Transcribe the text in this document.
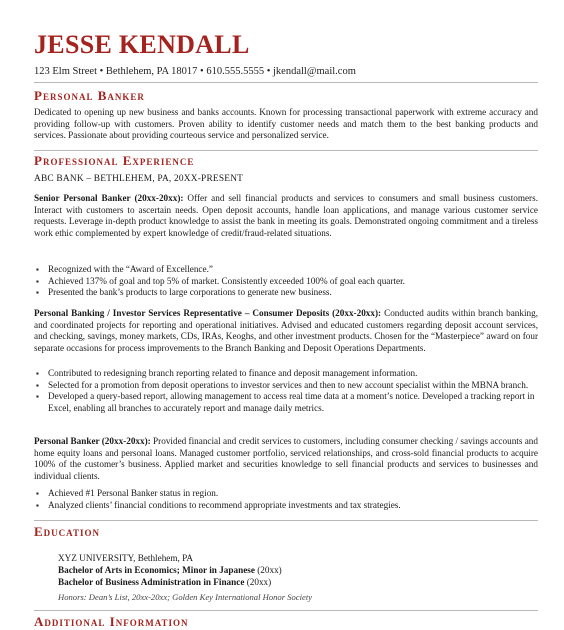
JESSE KENDALL
123 Elm Street • Bethlehem, PA 18017 • 610.555.5555 • jkendall@mail.com
Personal Banker
Dedicated to opening up new business and banks accounts. Known for processing transactional paperwork with extreme accuracy and providing follow-up with customers. Proven ability to identify customer needs and match them to the best banking products and services. Passionate about providing courteous service and personalized service.
Professional Experience
ABC BANK – BETHLEHEM, PA, 20XX-PRESENT
Senior Personal Banker (20xx-20xx): Offer and sell financial products and services to consumers and small business customers. Interact with customers to ascertain needs. Open deposit accounts, handle loan applications, and manage various customer service requests. Leverage in-depth product knowledge to assist the bank in meeting its goals. Demonstrated ongoing commitment and a tireless work ethic complemented by expert knowledge of credit/fraud-related situations.
▪ Recognized with the “Award of Excellence.”
▪ Achieved 137% of goal and top 5% of market. Consistently exceeded 100% of goal each quarter.
▪ Presented the bank’s products to large corporations to generate new business.
Personal Banking / Investor Services Representative – Consumer Deposits (20xx-20xx): Conducted audits within branch banking, and coordinated projects for reporting and operational initiatives. Advised and educated customers regarding deposit account services, and checking, savings, money markets, CDs, IRAs, Keoghs, and other investment products. Chosen for the “Masterpiece” award on four separate occasions for process improvements to the Branch Banking and Deposit Operations Departments.
▪ Contributed to redesigning branch reporting related to finance and deposit management information.
▪ Selected for a promotion from deposit operations to investor services and then to new account specialist within the MBNA branch.
▪ Developed a query-based report, allowing management to access real time data at a moment’s notice. Developed a tracking report in Excel, enabling all branches to accurately report and manage daily metrics.
Personal Banker (20xx-20xx): Provided financial and credit services to customers, including consumer checking / savings accounts and home equity loans and personal loans. Managed customer portfolio, serviced relationships, and cross-sold financial products to acquire 100% of the customer’s business. Applied market and securities knowledge to sell financial products and services to businesses and individual clients.
▪ Achieved #1 Personal Banker status in region.
▪ Analyzed clients’ financial conditions to recommend appropriate investments and tax strategies.
Education
XYZ UNIVERSITY, Bethlehem, PA
Bachelor of Arts in Economics; Minor in Japanese (20xx)
Bachelor of Business Administration in Finance (20xx)
Honors: Dean’s List, 20xx-20xx; Golden Key International Honor Society
Additional Information
